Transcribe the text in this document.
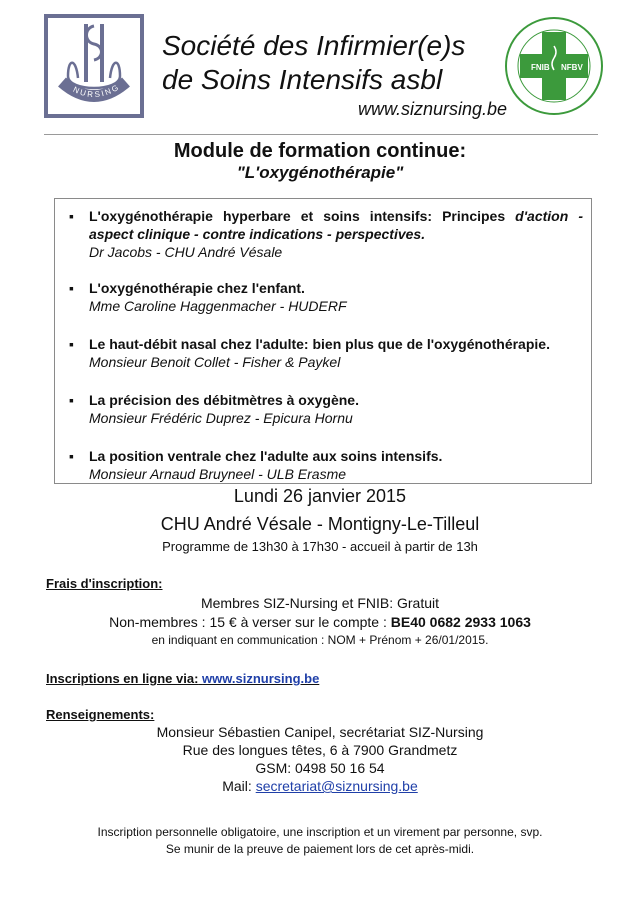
NURSING
Société des Infirmier(e)s
de Soins Intensifs asbl
www.siznursing.be
FNIB NFBV
Module de formation continue:
"L'oxygénothérapie"
▪	L'oxygénothérapie hyperbare et soins intensifs: Principes d'action - aspect clinique - contre indications - perspectives.
Dr Jacobs - CHU André Vésale
▪	L'oxygénothérapie chez l'enfant.
Mme Caroline Haggenmacher - HUDERF
▪	Le haut-débit nasal chez l'adulte: bien plus que de l'oxygénothérapie.
Monsieur Benoit Collet - Fisher & Paykel
▪	La précision des débitmètres à oxygène.
Monsieur Frédéric Duprez - Epicura Hornu
▪	La position ventrale chez l'adulte aux soins intensifs.
Monsieur Arnaud Bruyneel - ULB Erasme
Lundi 26 janvier 2015
CHU André Vésale - Montigny-Le-Tilleul
Programme de 13h30 à 17h30 - accueil à partir de 13h
Frais d'inscription:
Membres SIZ-Nursing et FNIB: Gratuit
Non-membres : 15 € à verser sur le compte : BE40 0682 2933 1063
en indiquant en communication : NOM + Prénom + 26/01/2015.
Inscriptions en ligne via: www.siznursing.be
Renseignements:
Monsieur Sébastien Canipel, secrétariat SIZ-Nursing
Rue des longues têtes, 6 à 7900 Grandmetz
GSM: 0498 50 16 54
Mail: secretariat@siznursing.be
Inscription personnelle obligatoire, une inscription et un virement par personne, svp.
Se munir de la preuve de paiement lors de cet après-midi.
